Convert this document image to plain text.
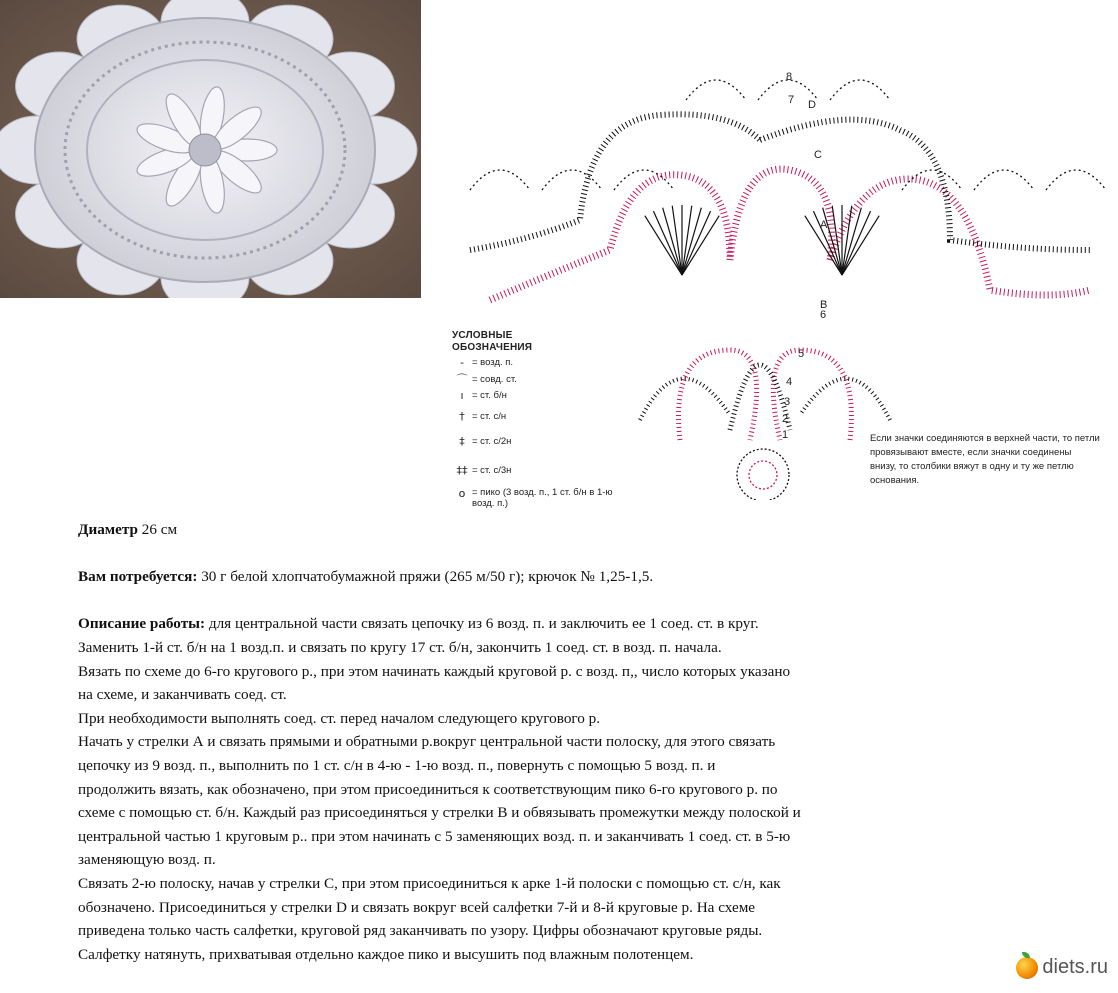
1
2
3
4
5
6
7
8
A
B
C
D
УСЛОВНЫЕ
ОБОЗНАЧЕНИЯ
- = возд. п.
⌒ = совд. ст.
ı = ст. б/н
† = ст. с/н
‡ = ст. с/2н
‡‡ = ст. с/3н
o = пико (3 возд. п., 1 ст. б/н в 1-ю возд. п.)
Если значки соединяются в верхней части, то петли провязывают вместе, если значки соединены внизу, то столбики вяжут в одну и ту же петлю основания.

Диаметр 26 см

Вам потребуется: 30 г белой хлопчатобумажной пряжи (265 м/50 г); крючок № 1,25-1,5.

Описание работы: для центральной части связать цепочку из 6 возд. п. и заключить ее 1 соед. ст. в круг.

Заменить 1-й ст. б/н на 1 возд.п. и связать по кругу 17 ст. б/н, закончить 1 соед. ст. в возд. п. начала.

Вязать по схеме до 6-го кругового р., при этом начинать каждый круговой р. с возд. п,, число которых указано

на схеме, и заканчивать соед. ст.

При необходимости выполнять соед. ст. перед началом следующего кругового р.

Начать у стрелки А и связать прямыми и обратными р.вокруг центральной части полоску, для этого связать

цепочку из 9 возд. п., выполнить по 1 ст. с/н в 4-ю - 1-ю возд. п., повернуть с помощью 5 возд. п. и

продолжить вязать, как обозначено, при этом присоединиться к соответствующим пико 6-го кругового р. по

схеме с помощью ст. б/н. Каждый раз присоединяться у стрелки В и обвязывать промежутки между полоской и

центральной частью 1 круговым р.. при этом начинать с 5 заменяющих возд. п. и заканчивать 1 соед. ст. в 5-ю

заменяющую возд. п.

Связать 2-ю полоску, начав у стрелки С, при этом присоединиться к арке 1-й полоски с помощью ст. с/н, как

обозначено. Присоединиться у стрелки D и связать вокруг всей салфетки 7-й и 8-й круговые р. На схеме

приведена только часть салфетки, круговой ряд заканчивать по узору. Цифры обозначают круговые ряды.

Салфетку натянуть, прихватывая отдельно каждое пико и высушить под влажным полотенцем.

diets.ru
